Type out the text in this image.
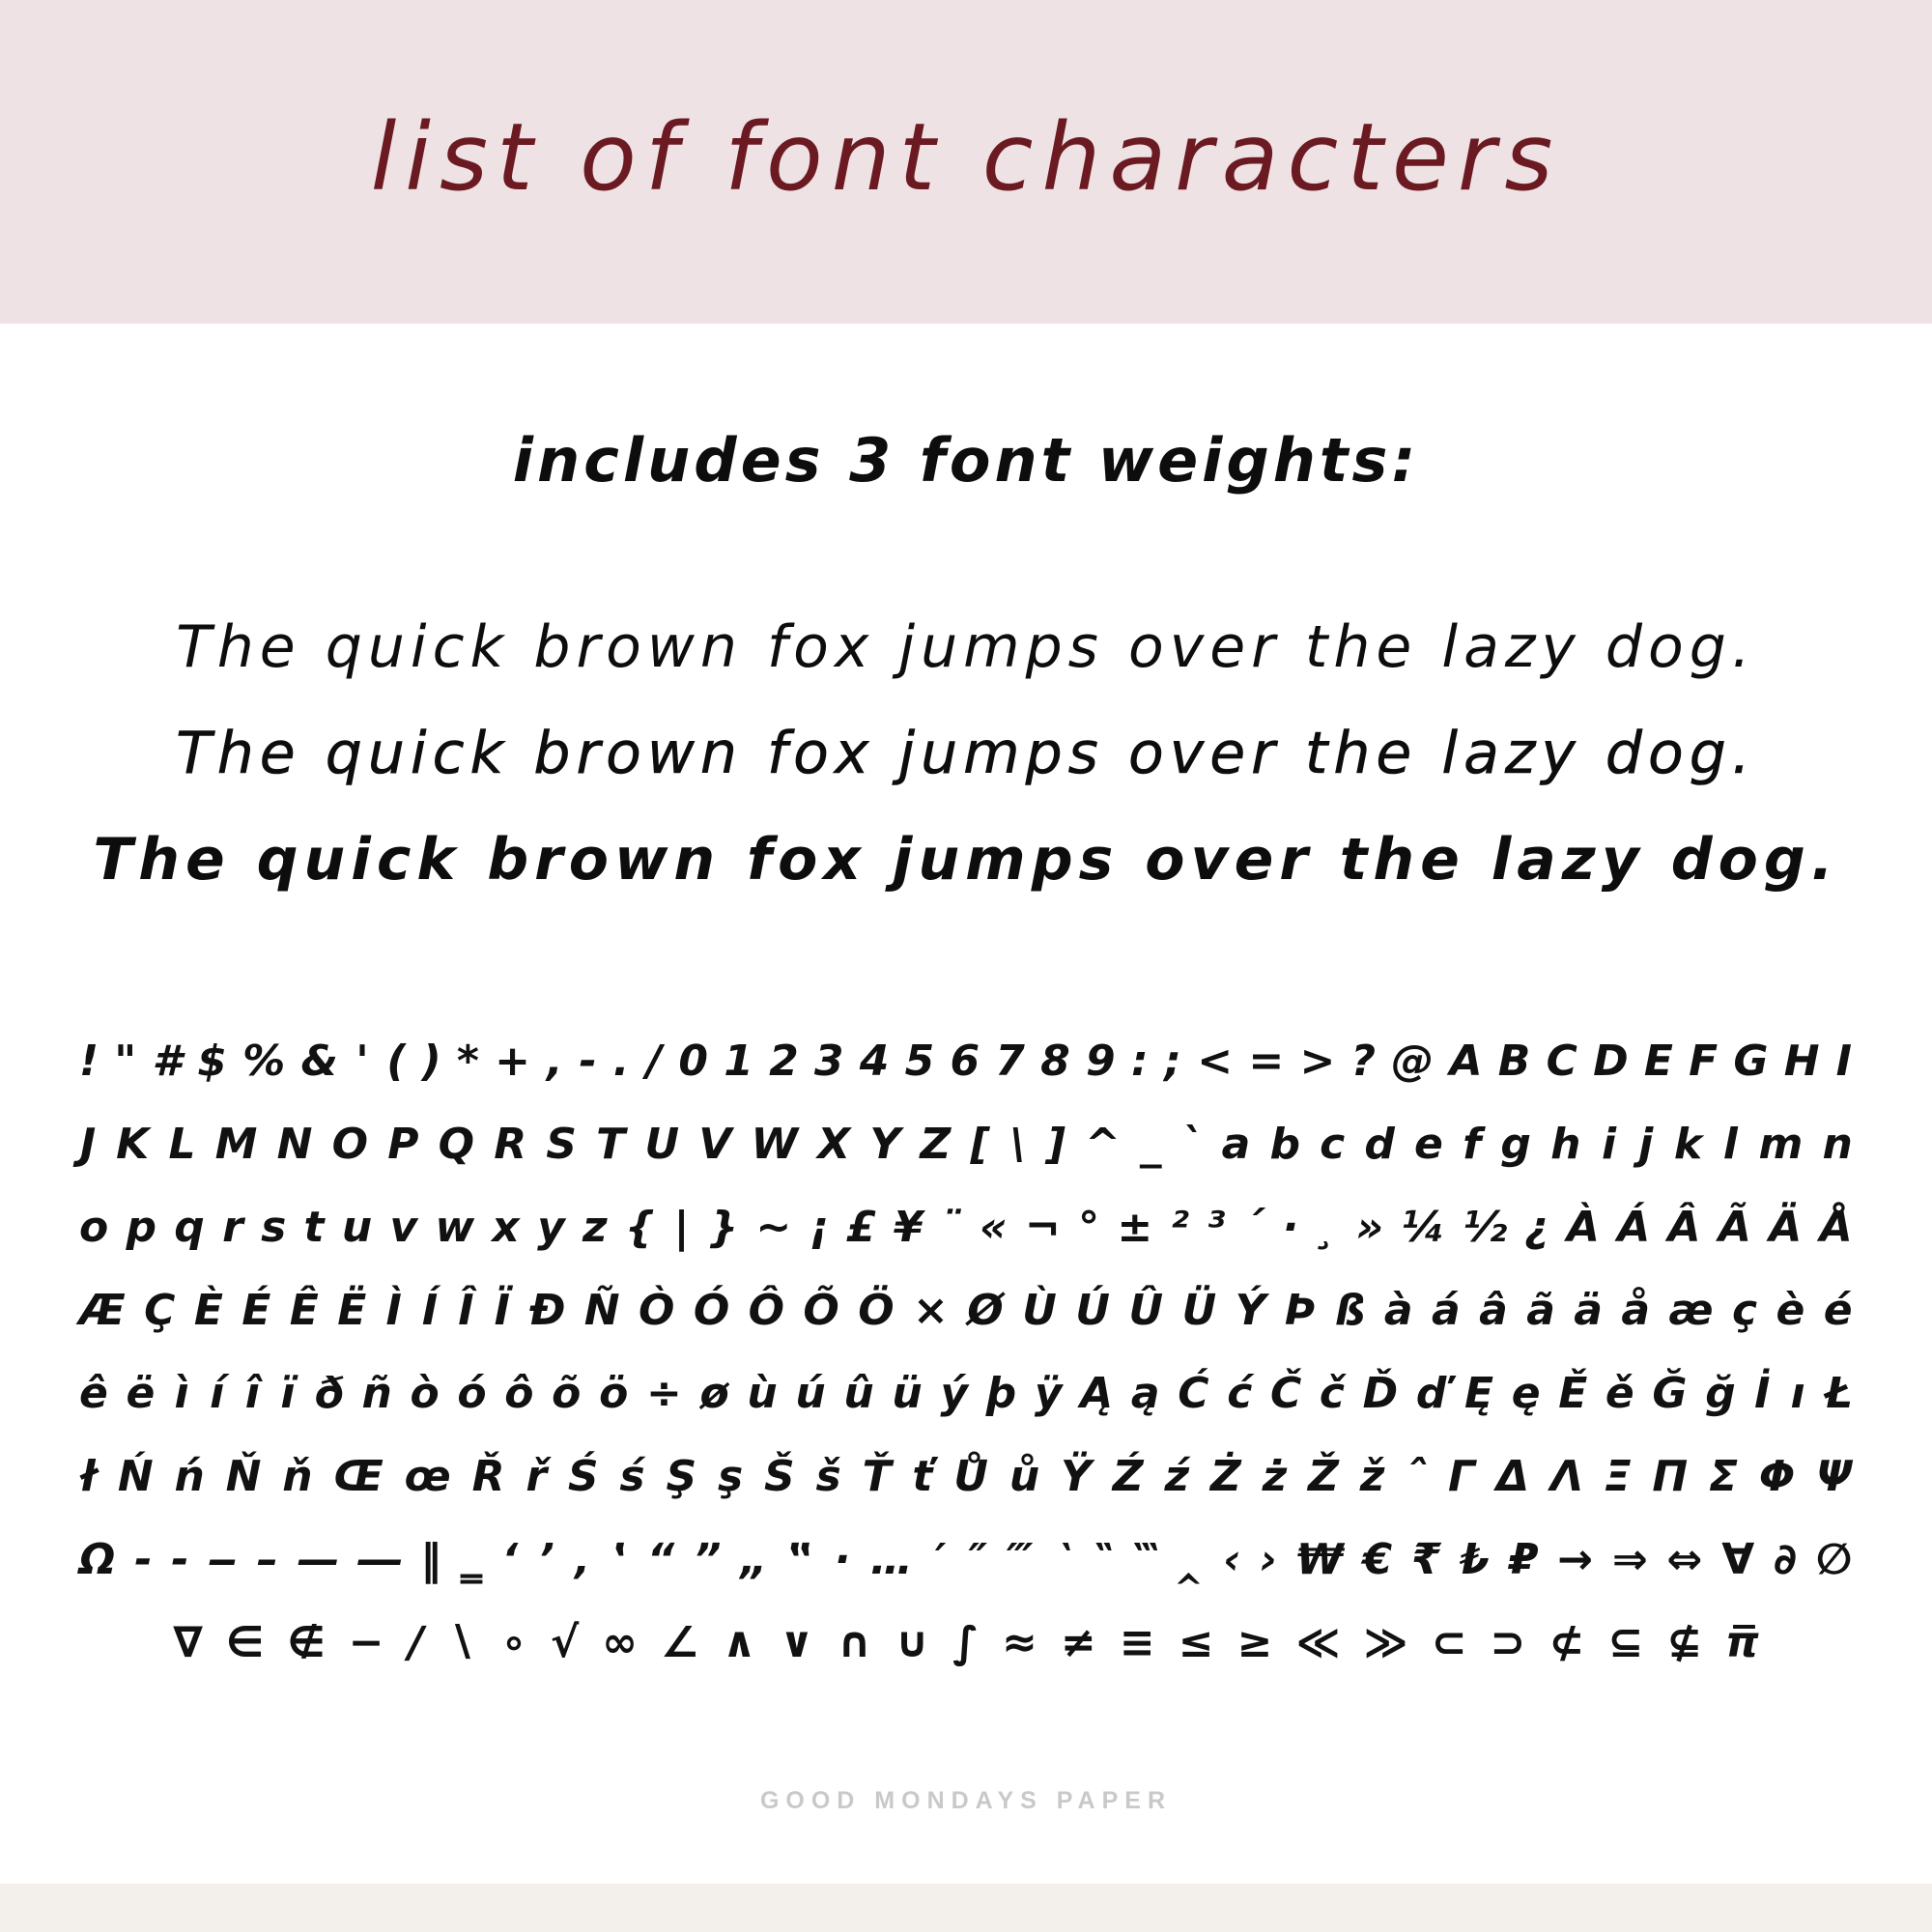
list of font characters
includes 3 font weights:
The quick brown fox jumps over the lazy dog.
The quick brown fox jumps over the lazy dog.
The quick brown fox jumps over the lazy dog.
! " # $ % & ' ( ) * + , - . / 0 1 2 3 4 5 6 7 8 9 : ; < = > ? @ A B C D E F G H I
J K L M N O P Q R S T U V W X Y Z [ \ ] ^ _ ` a b c d e f g h i j k l m n
o p q r s t u v w x y z { | } ~ ¡ £ ¥ ¨ « ¬ ° ± ² ³ ´ · ¸ » ¼ ½ ¿ À Á Â Ã Ä Å
Æ Ç È É Ê Ë Ì Í Î Ï Ð Ñ Ò Ó Ô Õ Ö × Ø Ù Ú Û Ü Ý Þ ß à á â ã ä å æ ç è é
ê ë ì í î ï ð ñ ò ó ô õ ö ÷ ø ù ú û ü ý þ ÿ Ą ą Ć ć Č č Ď ď Ę ę Ě ě Ğ ğ İ ı Ł
ł Ń ń Ň ň Œ œ Ř ř Ś ś Ş ş Š š Ť ť Ů ů Ÿ Ź ź Ż ż Ž ž ˆ Γ Δ Λ Ξ Π Σ Φ Ψ
Ω - - ‒ – — ― ‖ ‗ ‘ ’ ‚ ‛ “ ” „ ‟ · … ′ ″ ‴ ‵ ‶ ‷ ‸ ‹ › ₩ € ₹ ₺ ₽ → ⇒ ⇔ ∀ ∂ ∅
∇ ∈ ∉ − ∕ ∖ ∘ √ ∞ ∠ ∧ ∨ ∩ ∪ ∫ ≈ ≠ ≡ ≤ ≥ ≪ ≫ ⊂ ⊃ ⊄ ⊆ ⊈ π̅
GOOD MONDAYS PAPER
